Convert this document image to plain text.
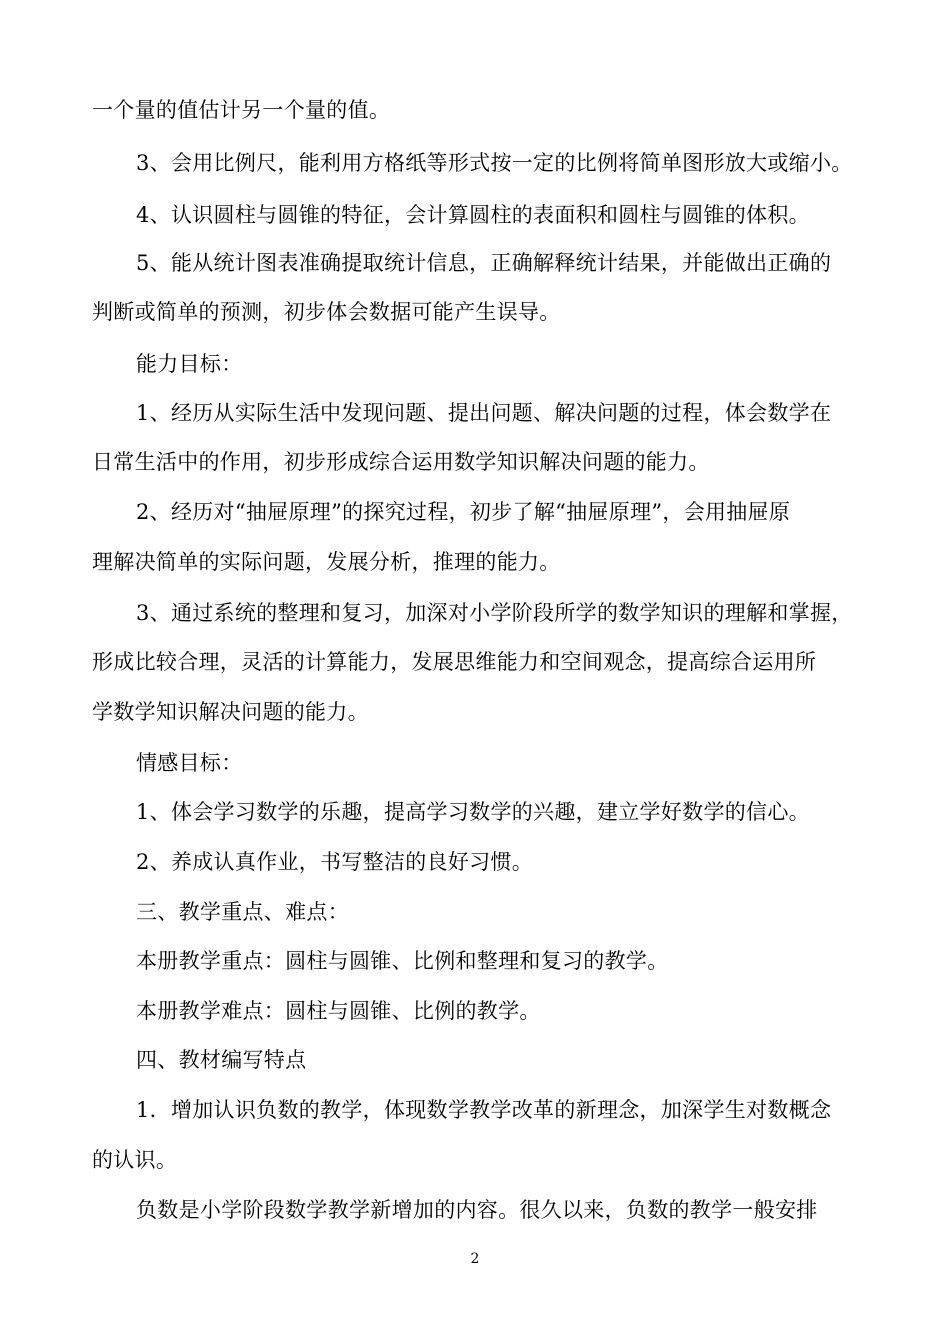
一个量的值估计另一个量的值。
3、会用比例尺，能利用方格纸等形式按一定的比例将简单图形放大或缩小。
4、认识圆柱与圆锥的特征，会计算圆柱的表面积和圆柱与圆锥的体积。
5、能从统计图表准确提取统计信息，正确解释统计结果，并能做出正确的
判断或简单的预测，初步体会数据可能产生误导。
能力目标：
1、经历从实际生活中发现问题、提出问题、解决问题的过程，体会数学在
日常生活中的作用，初步形成综合运用数学知识解决问题的能力。
2、经历对“抽屉原理”的探究过程，初步了解“抽屉原理”，会用抽屉原
理解决简单的实际问题，发展分析，推理的能力。
3、通过系统的整理和复习，加深对小学阶段所学的数学知识的理解和掌握，
形成比较合理，灵活的计算能力，发展思维能力和空间观念，提高综合运用所
学数学知识解决问题的能力。
情感目标：
1、体会学习数学的乐趣，提高学习数学的兴趣，建立学好数学的信心。
2、养成认真作业，书写整洁的良好习惯。
三、教学重点、难点：
本册教学重点：圆柱与圆锥、比例和整理和复习的教学。
本册教学难点：圆柱与圆锥、比例的教学。
四、教材编写特点
1．增加认识负数的教学，体现数学教学改革的新理念，加深学生对数概念
的认识。
负数是小学阶段数学教学新增加的内容。很久以来，负数的教学一般安排
2
